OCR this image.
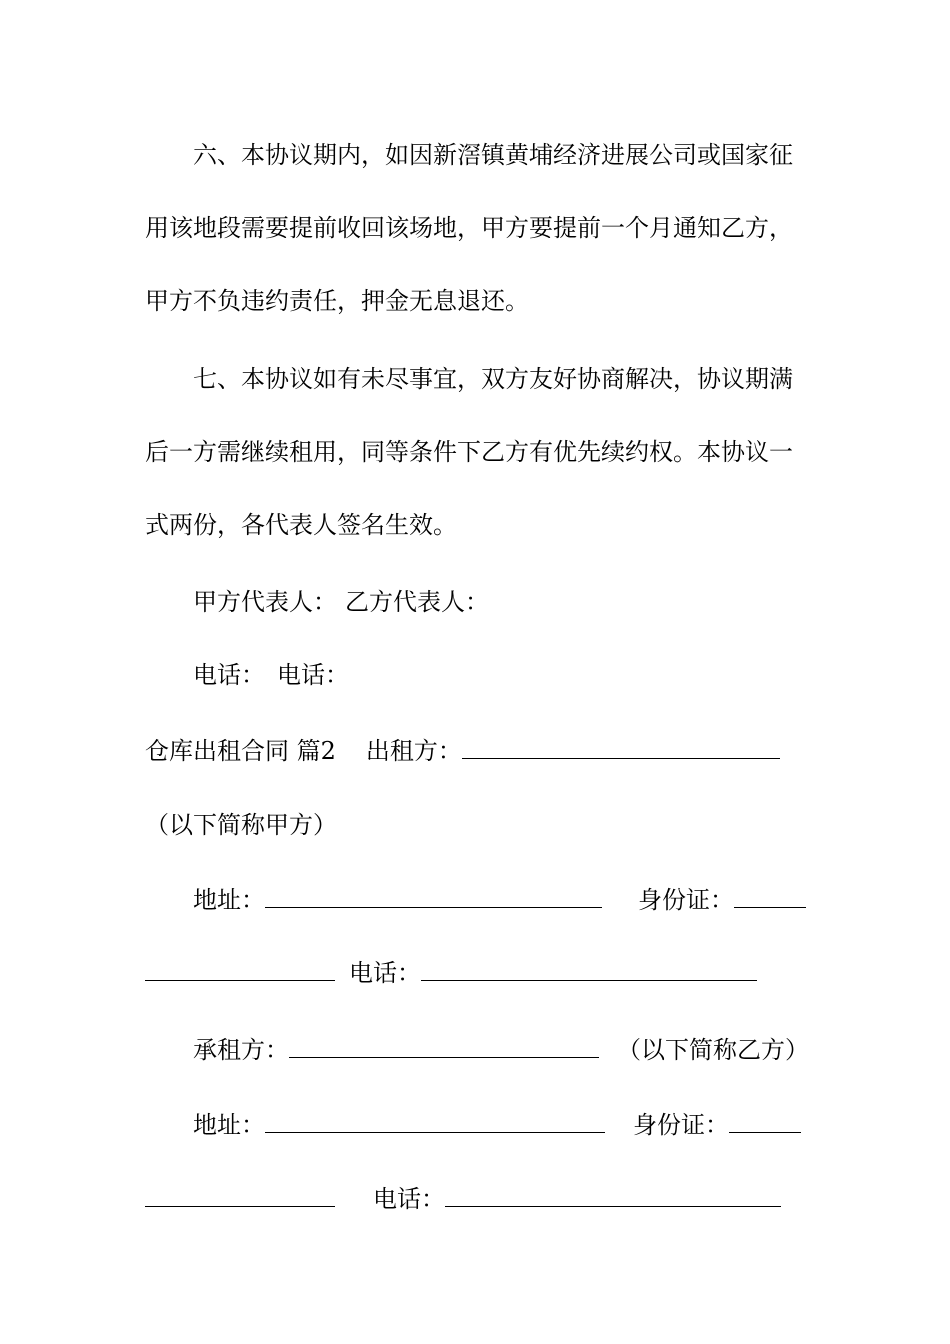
六、本协议期内，如因新滘镇黄埔经济进展公司或国家征
用该地段需要提前收回该场地，甲方要提前一个月通知乙方，
甲方不负违约责任，押金无息退还。
七、本协议如有未尽事宜，双方友好协商解决，协议期满
后一方需继续租用，同等条件下乙方有优先续约权。本协议一
式两份，各代表人签名生效。
甲方代表人： 乙方代表人：
电话： 电话：
仓库出租合同 篇2 出租方：
（以下简称甲方）
地址：	身份证：
电话：
承租方：	（以下简称乙方）
地址：	身份证：
电话：
